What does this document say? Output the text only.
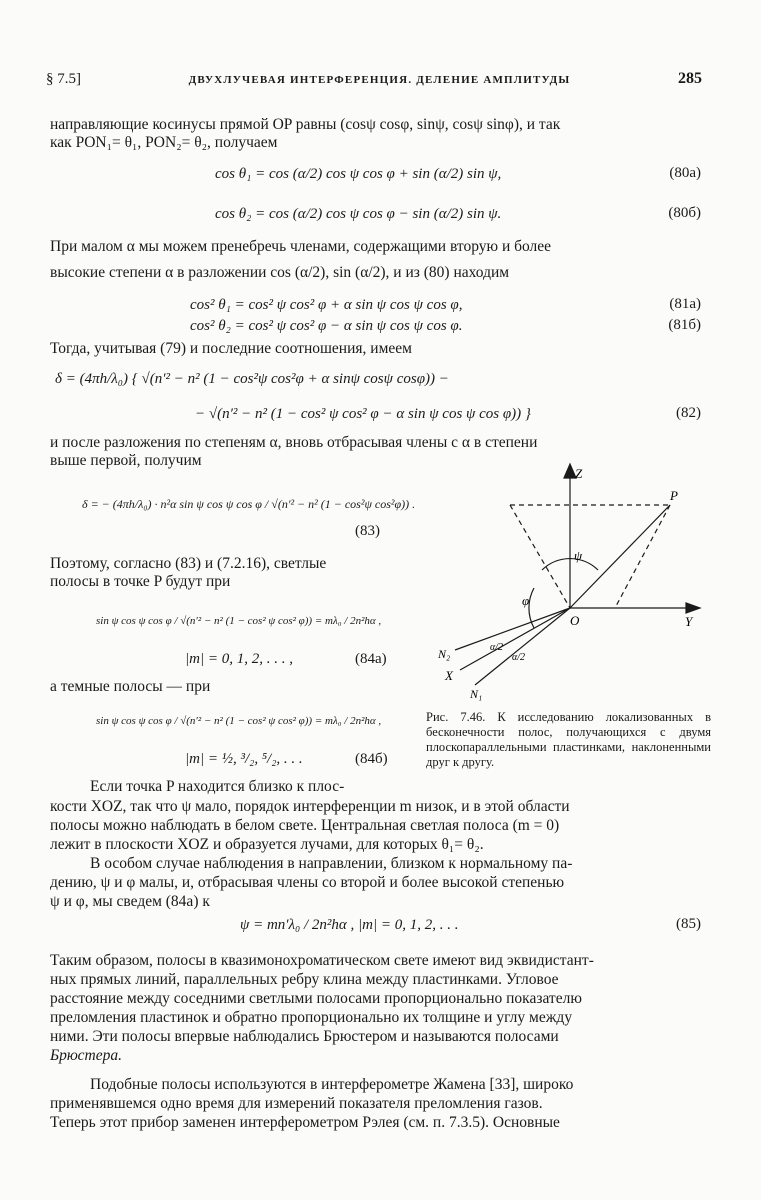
§ 7.5]	ДВУХЛУЧЕВАЯ ИНТЕРФЕРЕНЦИЯ. ДЕЛЕНИЕ АМПЛИТУДЫ	285
направляющие косинусы прямой OP равны (cosψ cosφ, sinψ, cosψ sinφ), и так
как PON₁= θ₁, PON₂= θ₂, получаем
cos θ₁ = cos (α/2) cos ψ cos φ + sin (α/2) sin ψ,	(80а)
cos θ₂ = cos (α/2) cos ψ cos φ − sin (α/2) sin ψ.	(80б)
При малом α мы можем пренебречь членами, содержащими вторую и более
высокие степени α в разложении cos (α/2), sin (α/2), и из (80) находим
cos² θ₁ = cos² ψ cos² φ + α sin ψ cos ψ cos φ,	(81а)
cos² θ₂ = cos² ψ cos² φ − α sin ψ cos ψ cos φ.	(81б)
Тогда, учитывая (79) и последние соотношения, имеем
δ = (4πh/λ₀) { √(n′² − n² (1 − cos²ψ cos²φ + α sinψ cosψ cosφ)) −
− √(n′² − n² (1 − cos² ψ cos² φ − α sin ψ cos ψ cos φ)) }	(82)
и после разложения по степеням α, вновь отбрасывая члены с α в степени
выше первой, получим
δ = − (4πh/λ₀) · n²α sin ψ cos ψ cos φ / √(n′² − n² (1 − cos²ψ cos²φ)) .
(83)
Поэтому, согласно (83) и (7.2.16), светлые
полосы в точке P будут при
sin ψ cos ψ cos φ / √(n′² − n² (1 − cos² ψ cos² φ)) = mλ₀ / 2n²hα ,
|m| = 0, 1, 2, . . . ,	(84а)
а темные полосы — при
sin ψ cos ψ cos φ / √(n′² − n² (1 − cos² ψ cos² φ)) = mλ₀ / 2n²hα ,
|m| = ½, ³/₂, ⁵/₂, . . .	(84б)
Z
P
O	Y
X
N₁
N₂
ψ
φ
α/2
α/2
Рис. 7.46. К исследованию локализованных в бесконечности полос, получающихся с двумя плоскопараллельными пластинками, наклоненными друг к другу.
Если точка P находится близко к плос-
кости XOZ, так что ψ мало, порядок интерференции m низок, и в этой области
полосы можно наблюдать в белом свете. Центральная светлая полоса (m = 0)
лежит в плоскости XOZ и образуется лучами, для которых θ₁= θ₂.
В особом случае наблюдения в направлении, близком к нормальному па-
дению, ψ и φ малы, и, отбрасывая члены со второй и более высокой степенью
ψ и φ, мы сведем (84а) к
ψ = mn′λ₀ / 2n²hα , |m| = 0, 1, 2, . . .	(85)
Таким образом, полосы в квазимонохроматическом свете имеют вид эквидистант-
ных прямых линий, параллельных ребру клина между пластинками. Угловое
расстояние между соседними светлыми полосами пропорционально показателю
преломления пластинок и обратно пропорционально их толщине и углу между
ними. Эти полосы впервые наблюдались Брюстером и называются полосами
Брюстера.
Подобные полосы используются в интерферометре Жамена [33], широко
применявшемся одно время для измерений показателя преломления газов.
Теперь этот прибор заменен интерферометром Рэлея (см. п. 7.3.5). Основные
